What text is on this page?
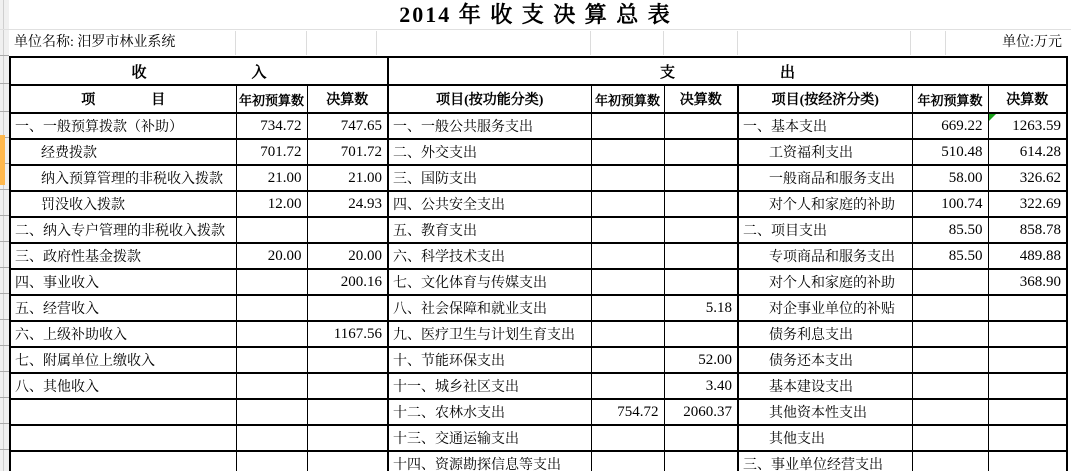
2014 年 收 支 决 算 总 表
单位名称: 汨罗市林业系统	单位:万元
收　　　　　　　入			支　　　　　　　出					
项　　　　目	年初预算数	决算数	项目(按功能分类)	年初预算数	决算数	项目(按经济分类)	年初预算数	决算数
一、一般预算拨款（补助）	734.72	747.65	一、一般公共服务支出			一、基本支出	669.22	1263.59

经费拨款	701.72	701.72	二、外交支出			工资福利支出	510.48	614.28
纳入预算管理的非税收入拨款	21.00	21.00	三、国防支出			一般商品和服务支出	58.00	326.62
罚没收入拨款	12.00	24.93	四、公共安全支出			对个人和家庭的补助	100.74	322.69
二、纳入专户管理的非税收入拨款			五、教育支出			二、项目支出	85.50	858.78
三、政府性基金拨款	20.00	20.00	六、科学技术支出			专项商品和服务支出	85.50	489.88
四、事业收入		200.16	七、文化体育与传媒支出			对个人和家庭的补助		368.90
五、经营收入			八、社会保障和就业支出		5.18	对企事业单位的补贴		
六、上级补助收入		1167.56	九、医疗卫生与计划生育支出			债务利息支出		
七、附属单位上缴收入			十、节能环保支出		52.00	债务还本支出		
八、其他收入			十一、城乡社区支出		3.40	基本建设支出		
			十二、农林水支出	754.72	2060.37	其他资本性支出		
			十三、交通运输支出			其他支出		
			十四、资源勘探信息等支出			三、事业单位经营支出		
